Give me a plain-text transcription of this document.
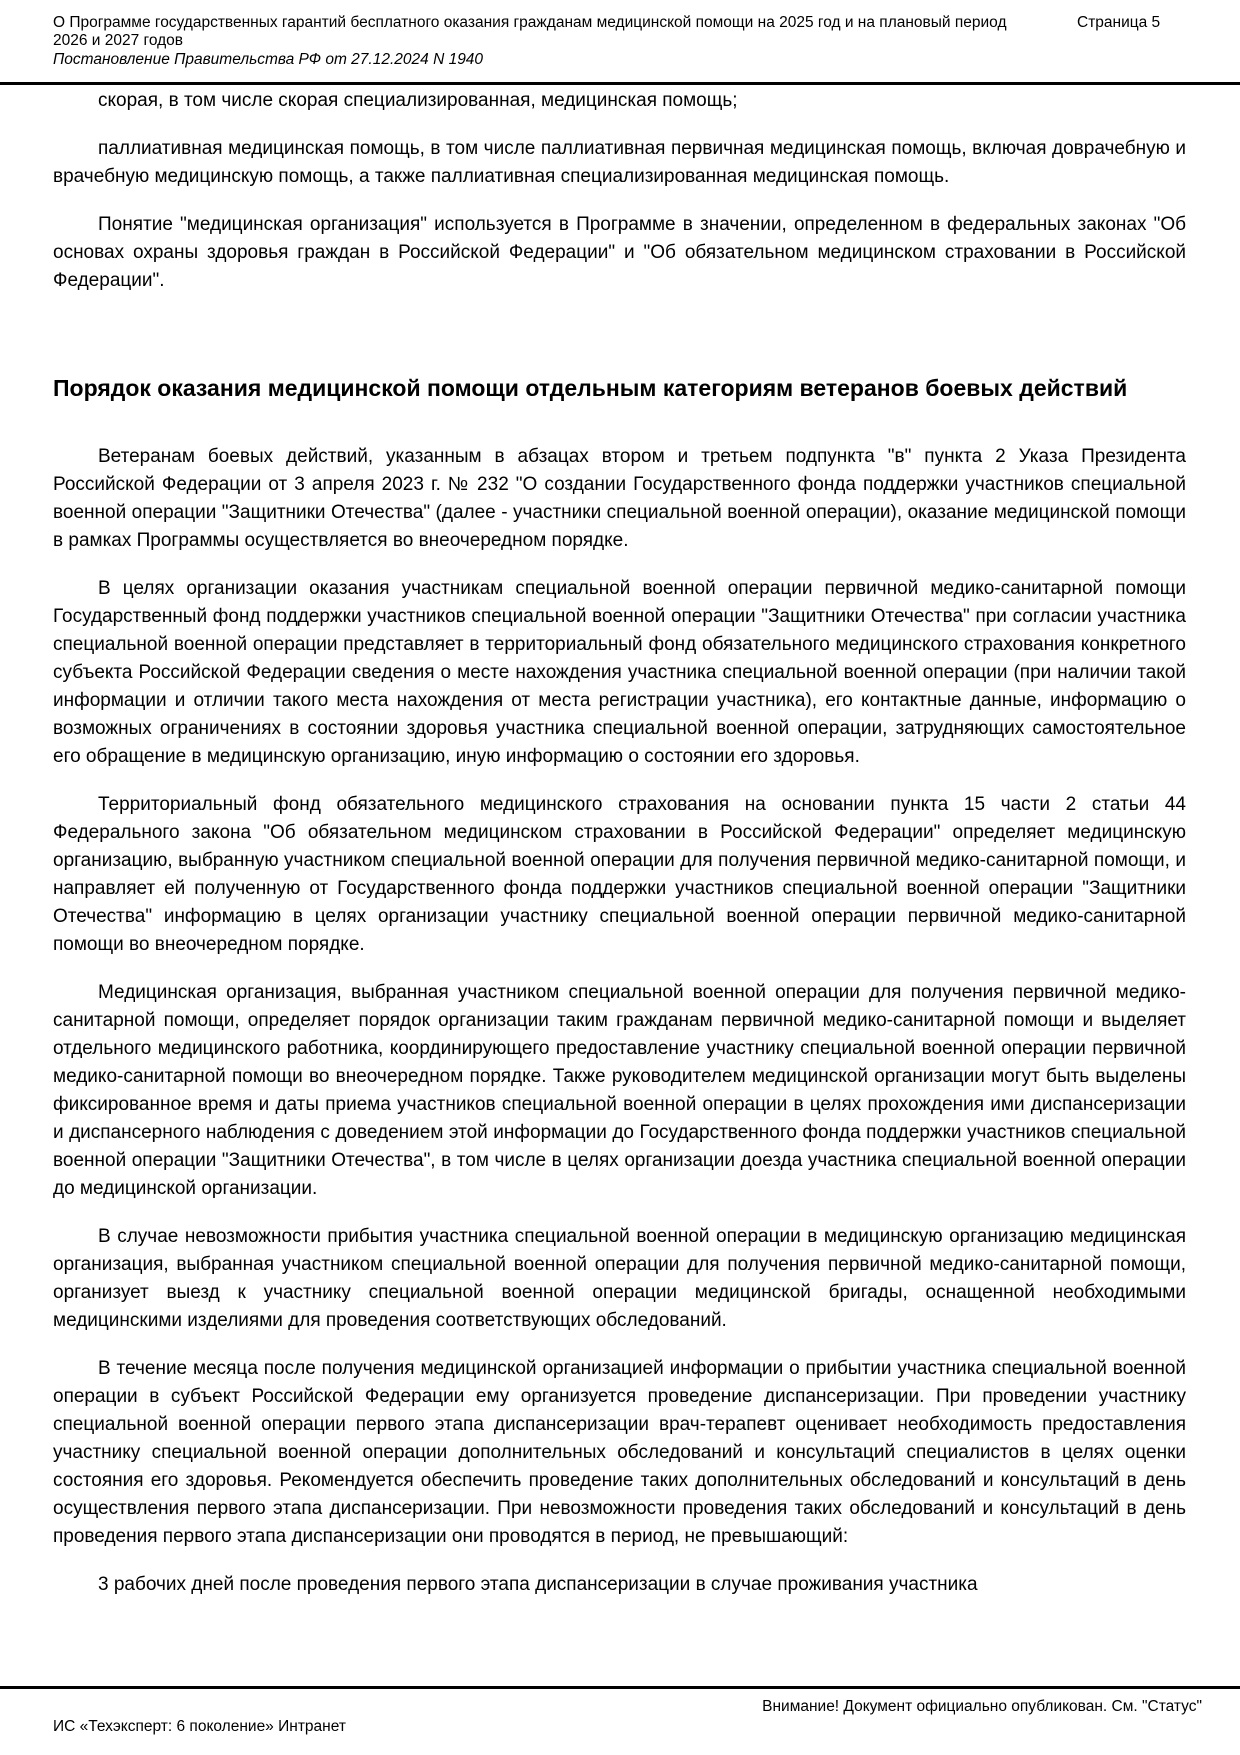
О Программе государственных гарантий бесплатного оказания гражданам медицинской помощи на 2025 год и на плановый период 2026 и 2027 годов
Страница 5
Постановление Правительства РФ от 27.12.2024 N 1940

скорая, в том числе скорая специализированная, медицинская помощь;

паллиативная медицинская помощь, в том числе паллиативная первичная медицинская помощь, включая доврачебную и врачебную медицинскую помощь, а также паллиативная специализированная медицинская помощь.

Понятие "медицинская организация" используется в Программе в значении, определенном в федеральных законах "Об основах охраны здоровья граждан в Российской Федерации" и "Об обязательном медицинском страховании в Российской Федерации".

Порядок оказания медицинской помощи отдельным категориям ветеранов боевых действий

Ветеранам боевых действий, указанным в абзацах втором и третьем подпункта "в" пункта 2 Указа Президента Российской Федерации от 3 апреля 2023 г. № 232 "О создании Государственного фонда поддержки участников специальной военной операции "Защитники Отечества" (далее - участники специальной военной операции), оказание медицинской помощи в рамках Программы осуществляется во внеочередном порядке.

В целях организации оказания участникам специальной военной операции первичной медико-санитарной помощи Государственный фонд поддержки участников специальной военной операции "Защитники Отечества" при согласии участника специальной военной операции представляет в территориальный фонд обязательного медицинского страхования конкретного субъекта Российской Федерации сведения о месте нахождения участника специальной военной операции (при наличии такой информации и отличии такого места нахождения от места регистрации участника), его контактные данные, информацию о возможных ограничениях в состоянии здоровья участника специальной военной операции, затрудняющих самостоятельное его обращение в медицинскую организацию, иную информацию о состоянии его здоровья.

Территориальный фонд обязательного медицинского страхования на основании пункта 15 части 2 статьи 44 Федерального закона "Об обязательном медицинском страховании в Российской Федерации" определяет медицинскую организацию, выбранную участником специальной военной операции для получения первичной медико-санитарной помощи, и направляет ей полученную от Государственного фонда поддержки участников специальной военной операции "Защитники Отечества" информацию в целях организации участнику специальной военной операции первичной медико-санитарной помощи во внеочередном порядке.

Медицинская организация, выбранная участником специальной военной операции для получения первичной медико-санитарной помощи, определяет порядок организации таким гражданам первичной медико-санитарной помощи и выделяет отдельного медицинского работника, координирующего предоставление участнику специальной военной операции первичной медико-санитарной помощи во внеочередном порядке. Также руководителем медицинской организации могут быть выделены фиксированное время и даты приема участников специальной военной операции в целях прохождения ими диспансеризации и диспансерного наблюдения с доведением этой информации до Государственного фонда поддержки участников специальной военной операции "Защитники Отечества", в том числе в целях организации доезда участника специальной военной операции до медицинской организации.

В случае невозможности прибытия участника специальной военной операции в медицинскую организацию медицинская организация, выбранная участником специальной военной операции для получения первичной медико-санитарной помощи, организует выезд к участнику специальной военной операции медицинской бригады, оснащенной необходимыми медицинскими изделиями для проведения соответствующих обследований.

В течение месяца после получения медицинской организацией информации о прибытии участника специальной военной операции в субъект Российской Федерации ему организуется проведение диспансеризации. При проведении участнику специальной военной операции первого этапа диспансеризации врач-терапевт оценивает необходимость предоставления участнику специальной военной операции дополнительных обследований и консультаций специалистов в целях оценки состояния его здоровья. Рекомендуется обеспечить проведение таких дополнительных обследований и консультаций в день осуществления первого этапа диспансеризации. При невозможности проведения таких обследований и консультаций в день проведения первого этапа диспансеризации они проводятся в период, не превышающий:

3 рабочих дней после проведения первого этапа диспансеризации в случае проживания участника

Внимание! Документ официально опубликован. См. "Статус"
ИС «Техэксперт: 6 поколение» Интранет
